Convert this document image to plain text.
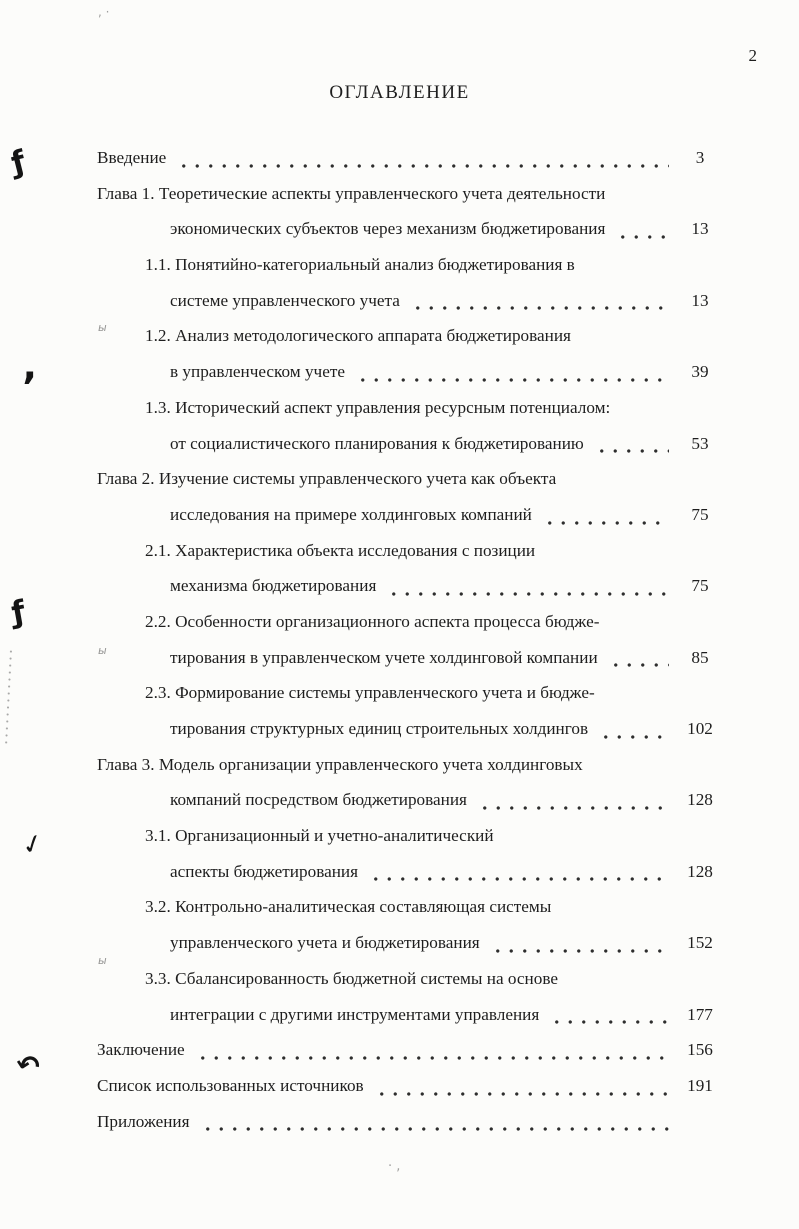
2
ОГЛАВЛЕНИЕ
Введение	3
Глава 1. Теоретические аспекты управленческого учета деятельности
экономических субъектов через механизм бюджетирования	13
1.1. Понятийно-категориальный анализ бюджетирования в
системе управленческого учета	13
1.2. Анализ методологического аппарата бюджетирования
в управленческом учете	39
1.3. Исторический аспект управления ресурсным потенциалом:
от социалистического планирования к бюджетированию	53
Глава 2. Изучение системы управленческого учета как объекта
исследования на примере холдинговых компаний	75
2.1. Характеристика объекта исследования с позиции
механизма бюджетирования	75
2.2. Особенности организационного аспекта процесса бюдже-
тирования в управленческом учете холдинговой компании	85
2.3. Формирование системы управленческого учета и бюдже-
тирования структурных единиц строительных холдингов	102
Глава 3. Модель организации управленческого учета холдинговых
компаний посредством бюджетирования	128
3.1. Организационный и учетно-аналитический
аспекты бюджетирования	128
3.2. Контрольно-аналитическая составляющая системы
управленческого учета и бюджетирования	152
3.3. Сбалансированность бюджетной системы на основе
интеграции с другими инструментами управления	177
Заключение	156
Список использованных источников	191
Приложения
ƒ
’
ƒ
✓
↶
ы
ы
ы
· ,
, ·
